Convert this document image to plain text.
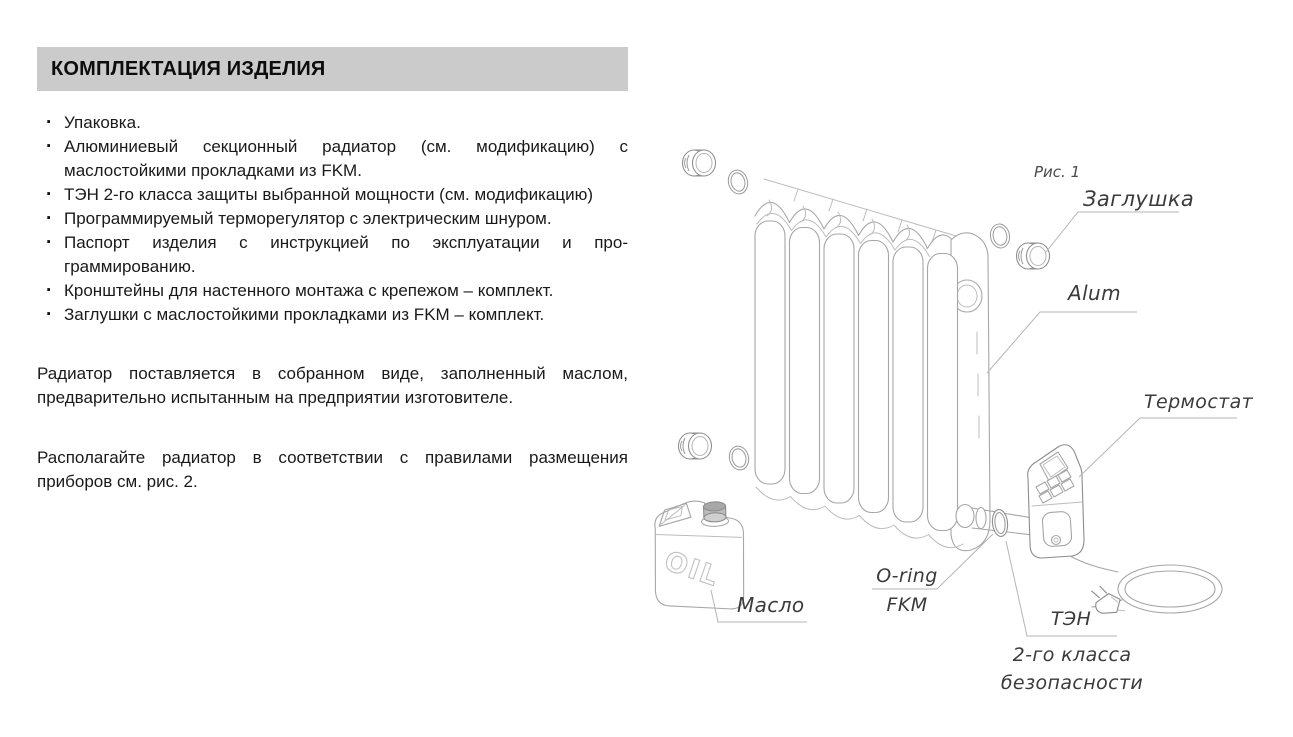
КОМПЛЕКТАЦИЯ ИЗДЕЛИЯ
· Упаковка.
· Алюминиевый секционный радиатор (см. модификацию) с маслостойкими прокладками из FKM.
· ТЭН 2-го класса защиты выбранной мощности (см. модификацию)
· Программируемый терморегулятор с электрическим шнуром.
· Паспорт изделия с инструкцией по эксплуатации и программированию.
· Кронштейны для настенного монтажа с крепежом – комплект.
· Заглушки с маслостойкими прокладками из FKM – комплект.

Радиатор поставляется в собранном виде, заполненный маслом, предварительно испытанным на предприятии изготовителе.

Располагайте радиатор в соответствии с правилами размещения приборов см. рис. 2.

OIL
Рис. 1
Заглушка
Alum
Термостат
Масло
O-ring
FKM
ТЭН
2-го класса
безопасности
